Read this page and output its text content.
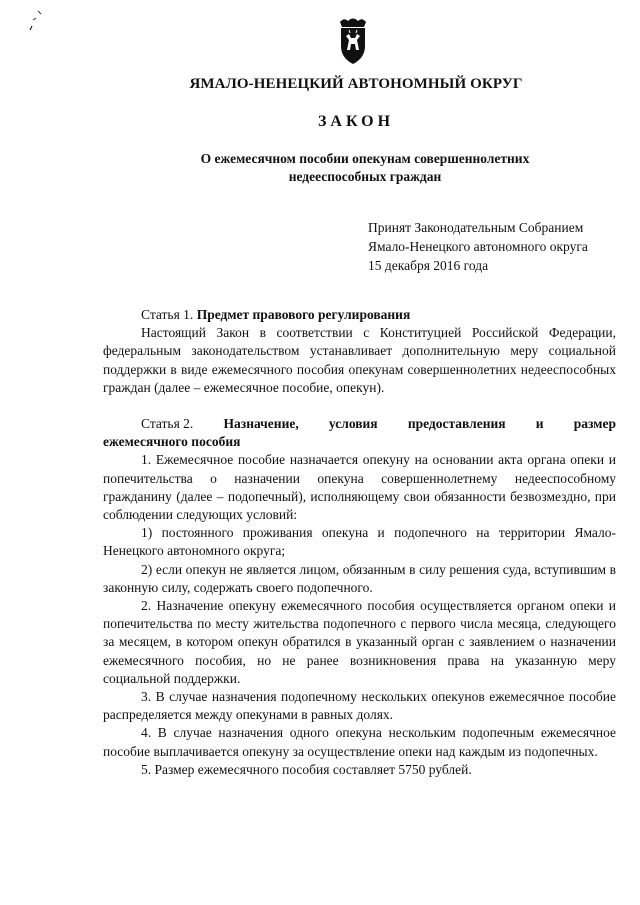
ЯМАЛО-НЕНЕЦКИЙ АВТОНОМНЫЙ ОКРУГ
ЗАКОН
О ежемесячном пособии опекунам совершеннолетних
недееспособных граждан
Принят Законодательным Собранием
Ямало-Ненецкого автономного округа
15 декабря 2016 года

Статья 1. Предмет правового регулирования

Настоящий Закон в соответствии с Конституцией Российской Федерации,

федеральным законодательством устанавливает дополнительную меру социальной поддержки в виде ежемесячного пособия опекунам совершеннолетних недееспособных граждан (далее – ежемесячное пособие, опекун).

Статья 2. Назначение, условия предоставления и размер

ежемесячного пособия

1. Ежемесячное пособие назначается опекуну на основании акта органа опеки и попечительства о назначении опекуна совершеннолетнему недееспособному гражданину (далее – подопечный), исполняющему свои обязанности безвозмездно, при соблюдении следующих условий:

1) постоянного проживания опекуна и подопечного на территории Ямало-Ненецкого автономного округа;

2) если опекун не является лицом, обязанным в силу решения суда, вступившим в законную силу, содержать своего подопечного.

2. Назначение опекуну ежемесячного пособия осуществляется органом опеки и попечительства по месту жительства подопечного с первого числа месяца, следующего за месяцем, в котором опекун обратился в указанный орган с заявлением о назначении ежемесячного пособия, но не ранее возникновения права на указанную меру социальной поддержки.

3. В случае назначения подопечному нескольких опекунов ежемесячное пособие распределяется между опекунами в равных долях.

4. В случае назначения одного опекуна нескольким подопечным ежемесячное пособие выплачивается опекуну за осуществление опеки над каждым из подопечных.

5. Размер ежемесячного пособия составляет 5750 рублей.
